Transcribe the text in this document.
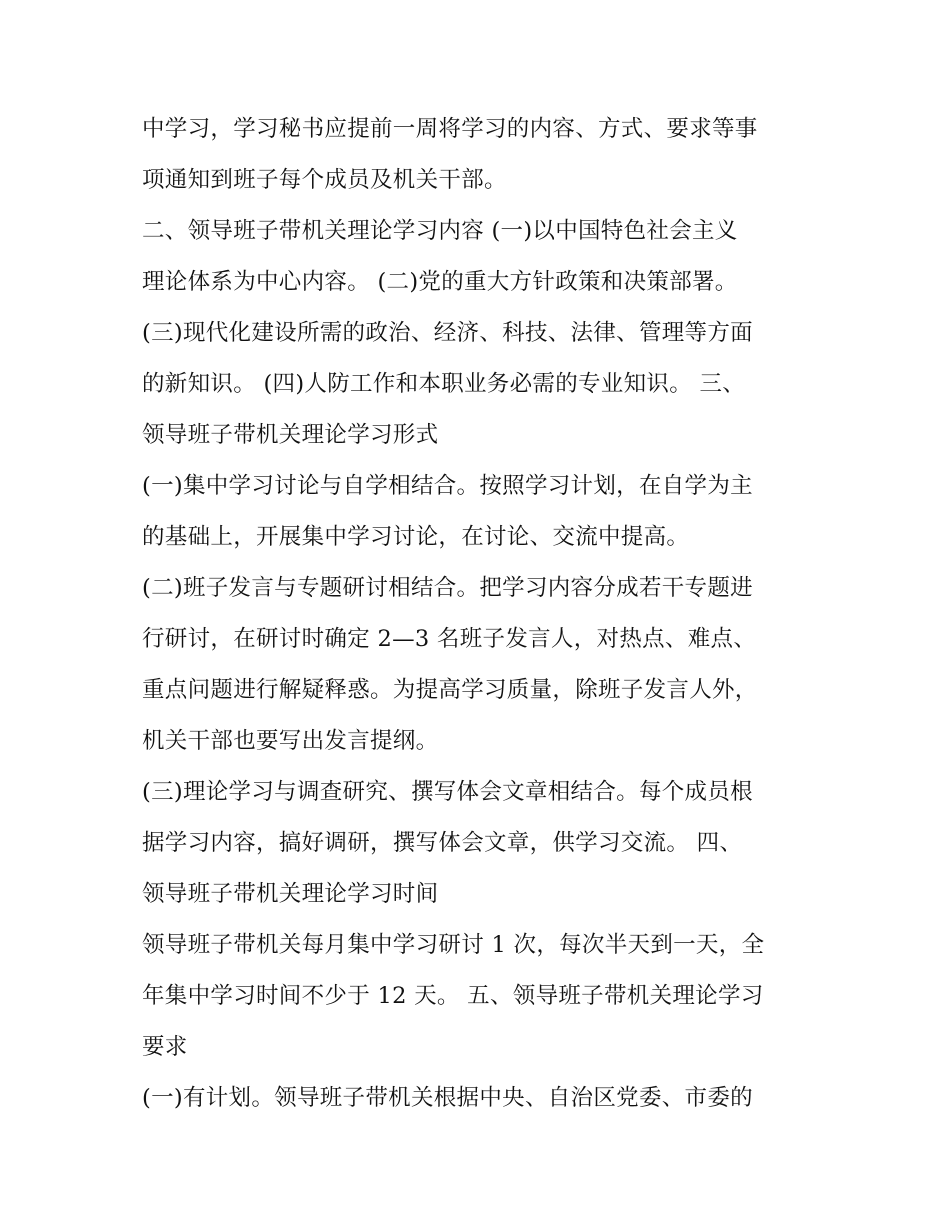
中学习，学习秘书应提前一周将学习的内容、方式、要求等事
项通知到班子每个成员及机关干部。
二、领导班子带机关理论学习内容 (一)以中国特色社会主义
理论体系为中心内容。 (二)党的重大方针政策和决策部署。
(三)现代化建设所需的政治、经济、科技、法律、管理等方面
的新知识。 (四)人防工作和本职业务必需的专业知识。 三、
领导班子带机关理论学习形式
(一)集中学习讨论与自学相结合。按照学习计划，在自学为主
的基础上，开展集中学习讨论，在讨论、交流中提高。
(二)班子发言与专题研讨相结合。把学习内容分成若干专题进
行研讨，在研讨时确定 2—3 名班子发言人，对热点、难点、
重点问题进行解疑释惑。为提高学习质量，除班子发言人外，
机关干部也要写出发言提纲。
(三)理论学习与调查研究、撰写体会文章相结合。每个成员根
据学习内容，搞好调研，撰写体会文章，供学习交流。 四、
领导班子带机关理论学习时间
领导班子带机关每月集中学习研讨 1 次，每次半天到一天，全
年集中学习时间不少于 12 天。 五、领导班子带机关理论学习
要求
(一)有计划。领导班子带机关根据中央、自治区党委、市委的
